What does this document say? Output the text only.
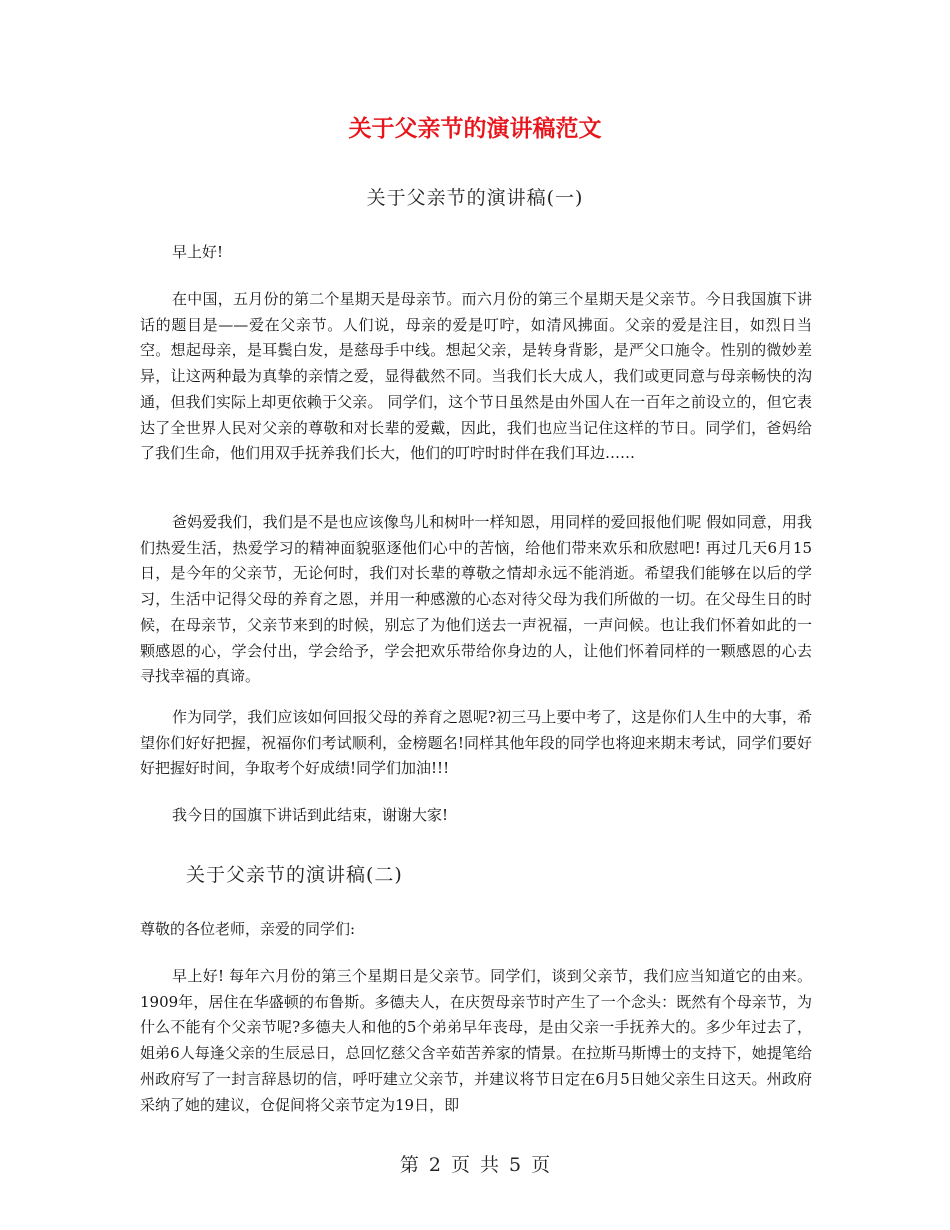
关于父亲节的演讲稿范文
关于父亲节的演讲稿(一)

早上好!

在中国，五月份的第二个星期天是母亲节。而六月份的第三个星期天是父亲节。今日我国旗下讲话的题目是——爱在父亲节。人们说，母亲的爱是叮咛，如清风拂面。父亲的爱是注目，如烈日当空。想起母亲，是耳鬓白发，是慈母手中线。想起父亲，是转身背影，是严父口施令。性别的微妙差异，让这两种最为真挚的亲情之爱，显得截然不同。当我们长大成人，我们或更同意与母亲畅快的沟通，但我们实际上却更依赖于父亲。 同学们，这个节日虽然是由外国人在一百年之前设立的，但它表达了全世界人民对父亲的尊敬和对长辈的爱戴，因此，我们也应当记住这样的节日。同学们，爸妈给了我们生命，他们用双手抚养我们长大，他们的叮咛时时伴在我们耳边……

爸妈爱我们，我们是不是也应该像鸟儿和树叶一样知恩，用同样的爱回报他们呢 假如同意，用我们热爱生活，热爱学习的精神面貌驱逐他们心中的苦恼，给他们带来欢乐和欣慰吧! 再过几天6月15日，是今年的父亲节，无论何时，我们对长辈的尊敬之情却永远不能消逝。希望我们能够在以后的学习，生活中记得父母的养育之恩，并用一种感激的心态对待父母为我们所做的一切。在父母生日的时候，在母亲节，父亲节来到的时候，别忘了为他们送去一声祝福，一声问候。也让我们怀着如此的一颗感恩的心，学会付出，学会给予，学会把欢乐带给你身边的人，让他们怀着同样的一颗感恩的心去寻找幸福的真谛。

作为同学，我们应该如何回报父母的养育之恩呢?初三马上要中考了，这是你们人生中的大事，希望你们好好把握，祝福你们考试顺利，金榜题名!同样其他年段的同学也将迎来期末考试，同学们要好好把握好时间，争取考个好成绩!同学们加油!!!

我今日的国旗下讲话到此结束，谢谢大家!

关于父亲节的演讲稿(二)

尊敬的各位老师，亲爱的同学们:

早上好! 每年六月份的第三个星期日是父亲节。同学们，谈到父亲节，我们应当知道它的由来。1909年，居住在华盛顿的布鲁斯。多德夫人，在庆贺母亲节时产生了一个念头：既然有个母亲节，为什么不能有个父亲节呢?多德夫人和他的5个弟弟早年丧母，是由父亲一手抚养大的。多少年过去了，姐弟6人每逢父亲的生辰忌日，总回忆慈父含辛茹苦养家的情景。在拉斯马斯博士的支持下，她提笔给州政府写了一封言辞恳切的信，呼吁建立父亲节，并建议将节日定在6月5日她父亲生日这天。州政府采纳了她的建议，仓促间将父亲节定为19日，即

第 2 页 共 5 页
